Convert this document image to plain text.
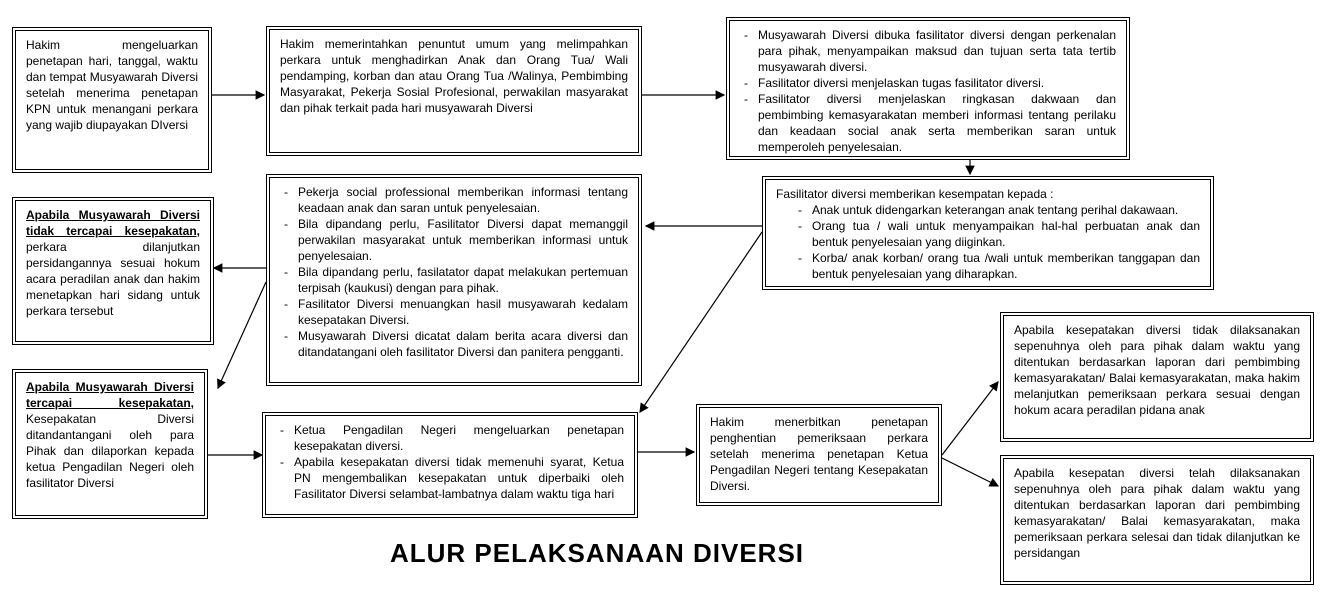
Hakim mengeluarkan penetapan hari, tanggal, waktu dan tempat Musyawarah Diversi setelah menerima penetapan KPN untuk menangani perkara yang wajib diupayakan DIversi
Hakim memerintahkan penuntut umum yang melimpahkan perkara untuk menghadirkan Anak dan Orang Tua/ Wali pendamping, korban dan atau Orang Tua /Walinya, Pembimbing Masyarakat, Pekerja Sosial Profesional, perwakilan masyarakat dan pihak terkait pada hari musyawarah Diversi
- Musyawarah Diversi dibuka fasilitator diversi dengan perkenalan para pihak, menyampaikan maksud dan tujuan serta tata tertib musyawarah diversi.
- Fasilitator diversi menjelaskan tugas fasilitator diversi.
- Fasilitator diversi menjelaskan ringkasan dakwaan dan pembimbing kemasyarakatan memberi informasi tentang perilaku dan keadaan social anak serta memberikan saran untuk memperoleh penyelesaian.
Fasilitator diversi memberikan kesempatan kepada :
- Anak untuk didengarkan keterangan anak tentang perihal dakawaan.
- Orang tua / wali untuk menyampaikan hal-hal perbuatan anak dan bentuk penyelesaian yang diiginkan.
- Korba/ anak korban/ orang tua /wali untuk memberikan tanggapan dan bentuk penyelesaian yang diharapkan.
- Pekerja social professional memberikan informasi tentang keadaan anak dan saran untuk penyelesaian.
- Bila dipandang perlu, Fasilitator Diversi dapat memanggil perwakilan masyarakat untuk memberikan informasi untuk penyelesaian.
- Bila dipandang perlu, fasilatator dapat melakukan pertemuan terpisah (kaukusi) dengan para pihak.
- Fasilitator Diversi menuangkan hasil musyawarah kedalam kesepatakan Diversi.
- Musyawarah Diversi dicatat dalam berita acara diversi dan ditandatangani oleh fasilitator Diversi dan panitera pengganti.
Apabila Musyawarah Diversi tidak tercapai kesepakatan, perkara dilanjutkan persidangannya sesuai hokum acara peradilan anak dan hakim menetapkan hari sidang untuk perkara tersebut
Apabila Musyawarah Diversi tercapai kesepakatan, Kesepakatan Diversi ditandantangani oleh para Pihak dan dilaporkan kepada ketua Pengadilan Negeri oleh fasilitator Diversi
- Ketua Pengadilan Negeri mengeluarkan penetapan kesepakatan diversi.
- Apabila kesepakatan diversi tidak memenuhi syarat, Ketua PN mengembalikan kesepakatan untuk diperbaiki oleh Fasilitator Diversi selambat-lambatnya dalam waktu tiga hari
Hakim menerbitkan penetapan penghentian pemeriksaan perkara setelah menerima penetapan Ketua Pengadilan Negeri tentang Kesepakatan Diversi.
Apabila kesepatakan diversi tidak dilaksanakan sepenuhnya oleh para pihak dalam waktu yang ditentukan berdasarkan laporan dari pembimbing kemasyarakatan/ Balai kemasyarakatan, maka hakim melanjutkan pemeriksaan perkara sesuai dengan hokum acara peradilan pidana anak
Apabila kesepatan diversi telah dilaksanakan sepenuhnya oleh para pihak dalam waktu yang ditentukan berdasarkan laporan dari pembimbing kemasyarakatan/ Balai kemasyarakatan, maka pemeriksaan perkara selesai dan tidak dilanjutkan ke persidangan
ALUR PELAKSANAAN DIVERSI
